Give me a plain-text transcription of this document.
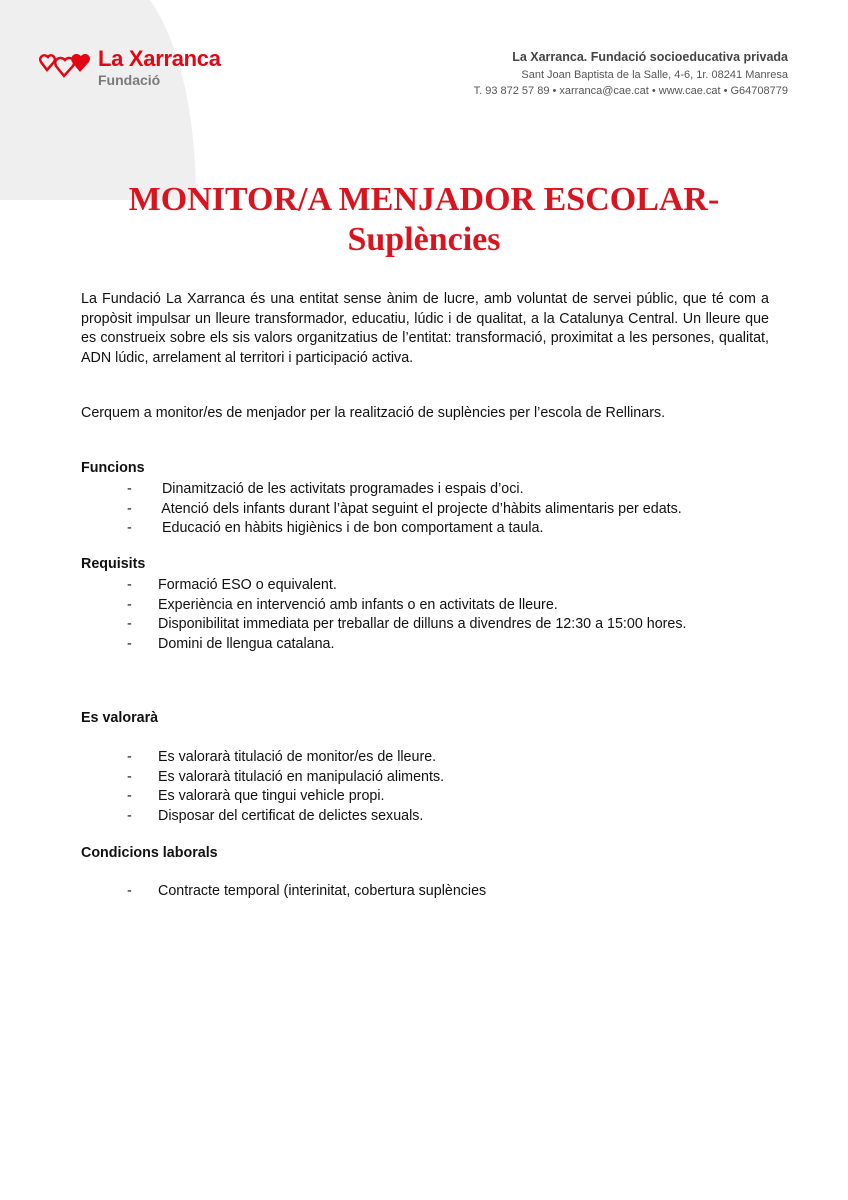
La Xarranca
Fundació
La Xarranca. Fundació socioeducativa privada
Sant Joan Baptista de la Salle, 4-6, 1r. 08241 Manresa
T. 93 872 57 89 • xarranca@cae.cat • www.cae.cat • G64708779
MONITOR/A MENJADOR ESCOLAR-
Suplències
La Fundació La Xarranca és una entitat sense ànim de lucre, amb voluntat de servei públic, que té com a propòsit impulsar un lleure transformador, educatiu, lúdic i de qualitat, a la Catalunya Central. Un lleure que es construeix sobre els sis valors organitzatius de l’entitat: transformació, proximitat a les persones, qualitat, ADN lúdic, arrelament al territori i participació activa.
Cerquem a monitor/es de menjador per la realització de suplències per l’escola de Rellinars.
Funcions
- Dinamització de les activitats programades i espais d’oci.
- Atenció dels infants durant l’àpat seguint el projecte d’hàbits alimentaris per edats.
- Educació en hàbits higiènics i de bon comportament a taula.
Requisits
- Formació ESO o equivalent.
- Experiència en intervenció amb infants o en activitats de lleure.
- Disponibilitat immediata per treballar de dilluns a divendres de 12:30 a 15:00 hores.
- Domini de llengua catalana.
Es valorarà
- Es valorarà titulació de monitor/es de lleure.
- Es valorarà titulació en manipulació aliments.
- Es valorarà que tingui vehicle propi.
- Disposar del certificat de delictes sexuals.
Condicions laborals
- Contracte temporal (interinitat, cobertura suplències
